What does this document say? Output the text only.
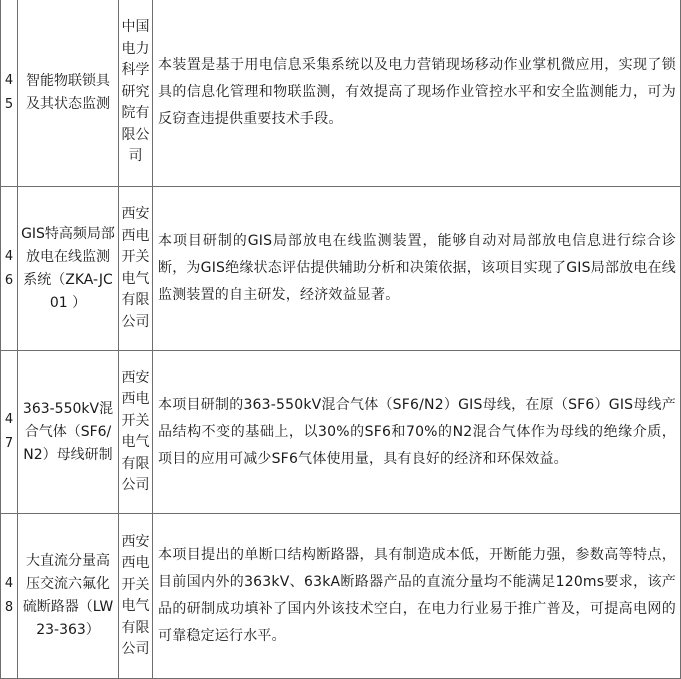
45	智能物联锁具及其状态监测	中国电力科学研究院有限公司	本装置是基于用电信息采集系统以及电力营销现场移动作业掌机微应用，实现了锁具的信息化管理和物联监测，有效提高了现场作业管控水平和安全监测能力，可为反窃查违提供重要技术手段。
46	GIS特高频局部放电在线监测系统（ZKA-JC01 ）	西安西电开关电气有限公司	本项目研制的GIS局部放电在线监测装置，能够自动对局部放电信息进行综合诊断，为GIS绝缘状态评估提供辅助分析和决策依据，该项目实现了GIS局部放电在线监测装置的自主研发，经济效益显著。
47	363-550kV混合气体（SF6/N2）母线研制	西安西电开关电气有限公司	本项目研制的363-550kV混合气体（SF6/N2）GIS母线，在原（SF6）GIS母线产品结构不变的基础上，以30%的SF6和70%的N2混合气体作为母线的绝缘介质，项目的应用可减少SF6气体使用量，具有良好的经济和环保效益。
48	大直流分量高压交流六氟化硫断路器（LW23-363）	西安西电开关电气有限公司	本项目提出的单断口结构断路器，具有制造成本低，开断能力强，参数高等特点，目前国内外的363kV、63kA断路器产品的直流分量均不能满足120ms要求，该产品的研制成功填补了国内外该技术空白，在电力行业易于推广普及，可提高电网的可靠稳定运行水平。
